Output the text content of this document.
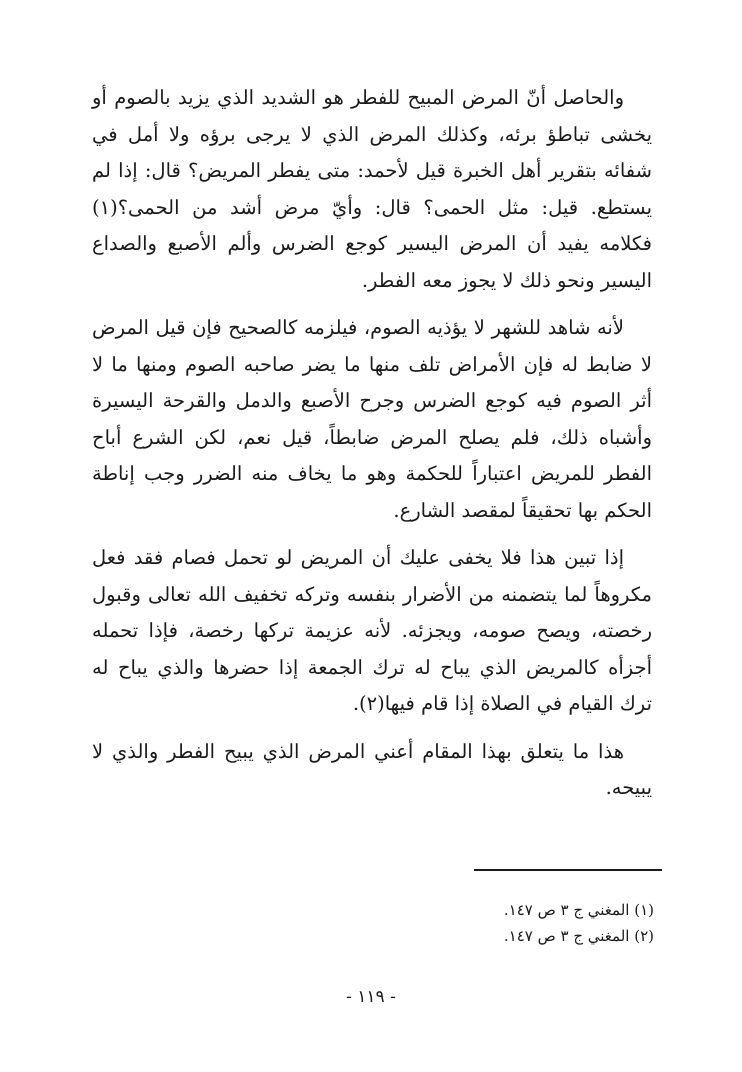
والحاصل أنّ المرض المبيح للفطر هو الشديد الذي يزيد بالصوم أو يخشى تباطؤ برئه، وكذلك المرض الذي لا يرجى برؤه ولا أمل في شفائه بتقرير أهل الخبرة قيل لأحمد: متى يفطر المريض؟ قال: إذا لم يستطع. قيل: مثل الحمى؟ قال: وأيّ مرض أشد من الحمى؟(١) فكلامه يفيد أن المرض اليسير كوجع الضرس وألم الأصبع والصداع اليسير ونحو ذلك لا يجوز معه الفطر.

لأنه شاهد للشهر لا يؤذيه الصوم، فيلزمه كالصحيح فإن قيل المرض لا ضابط له فإن الأمراض تلف منها ما يضر صاحبه الصوم ومنها ما لا أثر الصوم فيه كوجع الضرس وجرح الأصبع والدمل والقرحة اليسيرة وأشباه ذلك، فلم يصلح المرض ضابطاً، قيل نعم، لكن الشرع أباح الفطر للمريض اعتباراً للحكمة وهو ما يخاف منه الضرر وجب إناطة الحكم بها تحقيقاً لمقصد الشارع.

إذا تبين هذا فلا يخفى عليك أن المريض لو تحمل فصام فقد فعل مكروهاً لما يتضمنه من الأضرار بنفسه وتركه تخفيف الله تعالى وقبول رخصته، ويصح صومه، ويجزئه. لأنه عزيمة تركها رخصة، فإذا تحمله أجزأه كالمريض الذي يباح له ترك الجمعة إذا حضرها والذي يباح له ترك القيام في الصلاة إذا قام فيها(٢).

هذا ما يتعلق بهذا المقام أعني المرض الذي يبيح الفطر والذي لا يبيحه.

(١) المغني ج ٣ ص ١٤٧.

(٢) المغني ج ٣ ص ١٤٧.

- ١١٩ -
